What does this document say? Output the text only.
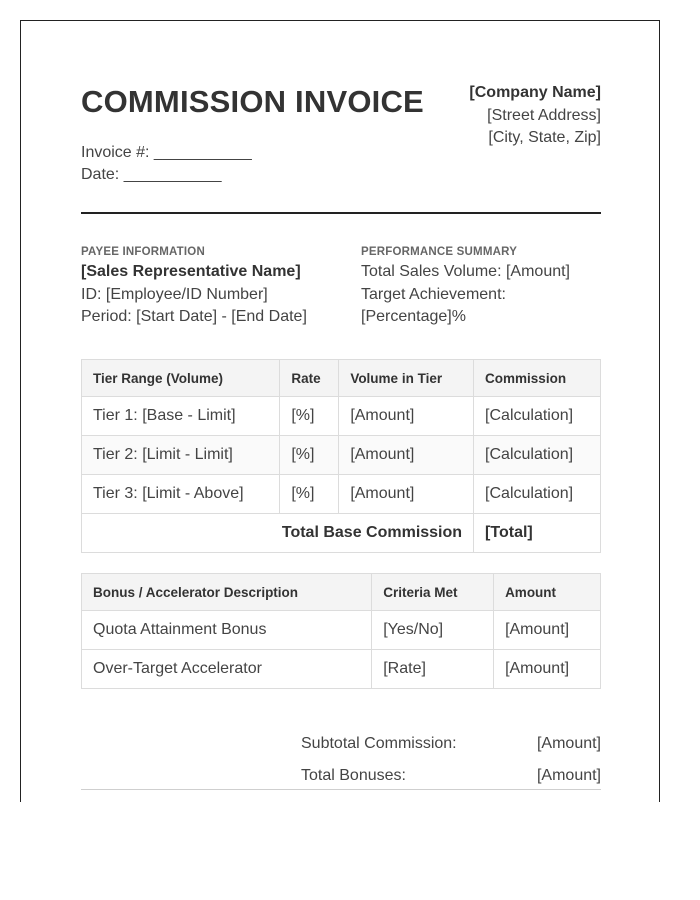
COMMISSION INVOICE	[Company Name]
[Street Address]
[City, State, Zip]
Invoice #: ___________
Date: ___________
PAYEE INFORMATION
[Sales Representative Name]
ID: [Employee/ID Number]
Period: [Start Date] - [End Date]
PERFORMANCE SUMMARY
Total Sales Volume: [Amount]
Target Achievement:
[Percentage]%
Tier Range (Volume)	Rate	Volume in Tier	Commission
Tier 1: [Base - Limit]	[%]	[Amount]	[Calculation]
Tier 2: [Limit - Limit]	[%]	[Amount]	[Calculation]
Tier 3: [Limit - Above]	[%]	[Amount]	[Calculation]
Total Base Commission			[Total]
Bonus / Accelerator Description	Criteria Met	Amount
Quota Attainment Bonus	[Yes/No]	[Amount]
Over-Target Accelerator	[Rate]	[Amount]
Subtotal Commission:	[Amount]
Total Bonuses:	[Amount]
